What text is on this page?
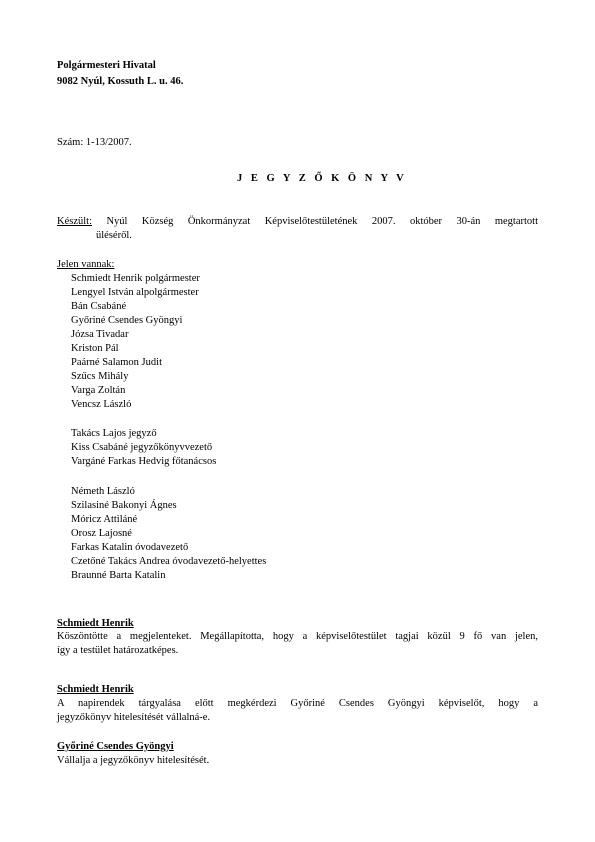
Polgármesteri Hivatal
9082 Nyúl, Kossuth L. u. 46.
Szám: 1-13/2007.
J E G Y Z Ő K Ö N Y V
Készült: Nyúl Község Önkormányzat Képviselőtestületének 2007. október 30-án megtartott
üléséről.
Jelen vannak:
Schmiedt Henrik polgármester
Lengyel István alpolgármester
Bán Csabáné
Győriné Csendes Gyöngyi
Józsa Tivadar
Kriston Pál
Paárné Salamon Judit
Szűcs Mihály
Varga Zoltán
Vencsz László
Takács Lajos jegyző
Kiss Csabáné jegyzőkönyvvezető
Vargáné Farkas Hedvig főtanácsos
Németh László
Szilasiné Bakonyi Ágnes
Móricz Attiláné
Orosz Lajosné
Farkas Katalin óvodavezető
Czetőné Takács Andrea óvodavezető-helyettes
Braunné Barta Katalin
Schmiedt Henrik
Köszöntötte a megjelenteket. Megállapította, hogy a képviselőtestület tagjai közül 9 fő van jelen,
így a testület határozatképes.
Schmiedt Henrik
A napirendek tárgyalása előtt megkérdezi Győriné Csendes Gyöngyi képviselőt, hogy a
jegyzőkönyv hitelesítését vállalná-e.
Győriné Csendes Gyöngyi
Vállalja a jegyzőkönyv hitelesítését.
